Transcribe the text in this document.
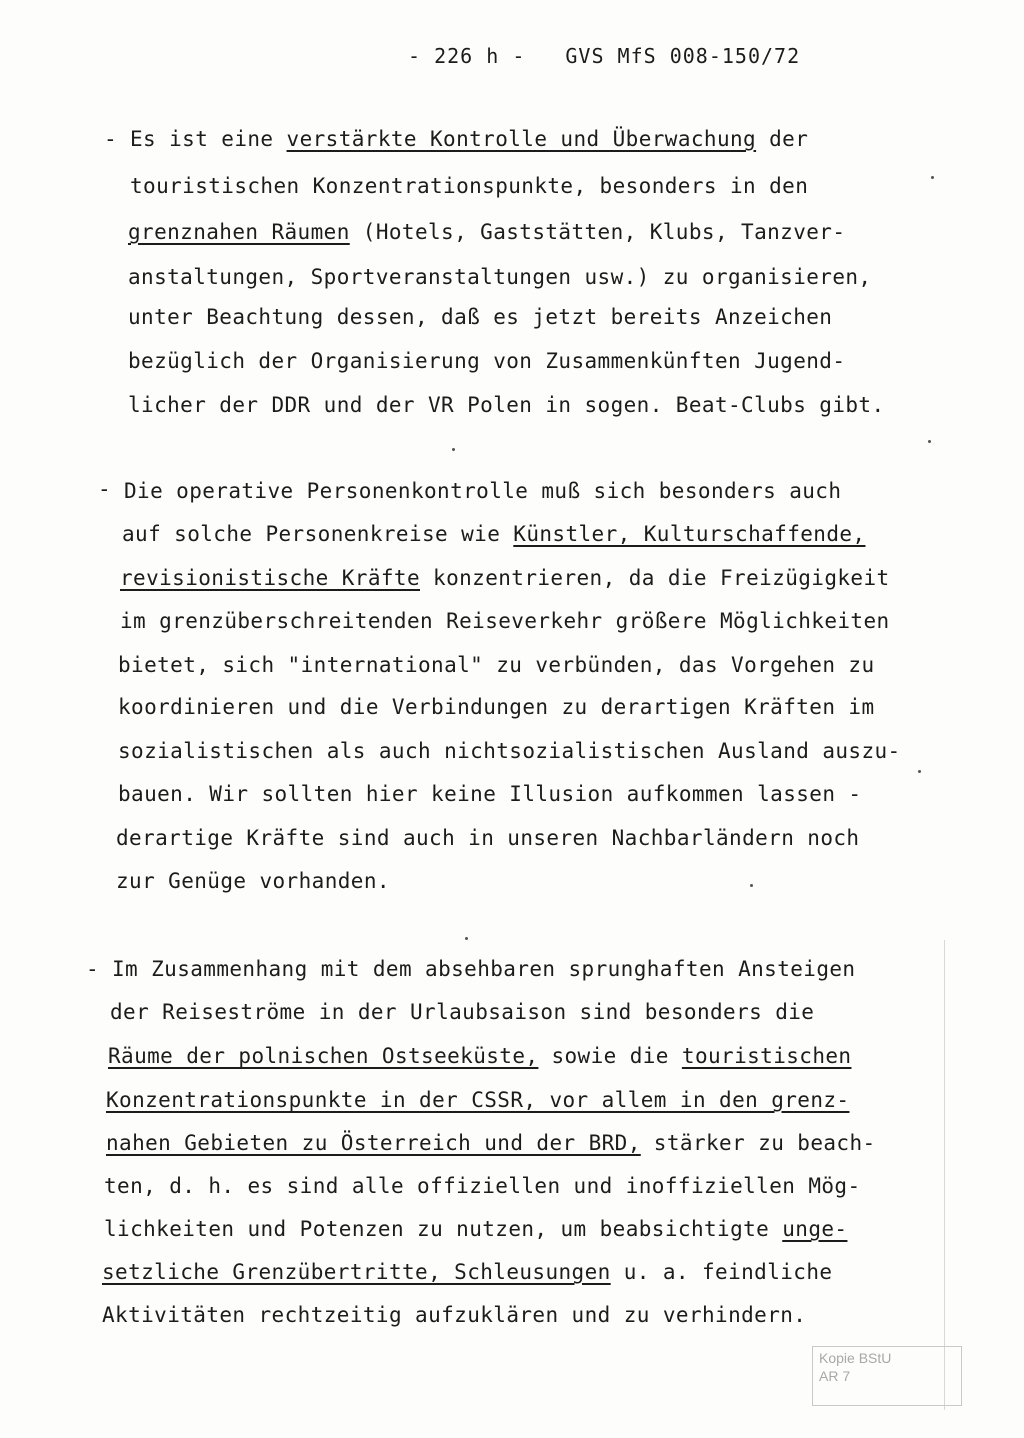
- 226 h - GVS MfS 008-150/72
- Es ist eine verstärkte Kontrolle und Überwachung der
touristischen Konzentrationspunkte, besonders in den
grenznahen Räumen (Hotels, Gaststätten, Klubs, Tanzver-
anstaltungen, Sportveranstaltungen usw.) zu organisieren,
unter Beachtung dessen, daß es jetzt bereits Anzeichen
bezüglich der Organisierung von Zusammenkünften Jugend-
licher der DDR und der VR Polen in sogen. Beat-Clubs gibt.
- Die operative Personenkontrolle muß sich besonders auch
auf solche Personenkreise wie Künstler, Kulturschaffende,
revisionistische Kräfte konzentrieren, da die Freizügigkeit
im grenzüberschreitenden Reiseverkehr größere Möglichkeiten
bietet, sich "international" zu verbünden, das Vorgehen zu
koordinieren und die Verbindungen zu derartigen Kräften im
sozialistischen als auch nichtsozialistischen Ausland auszu-
bauen. Wir sollten hier keine Illusion aufkommen lassen -
derartige Kräfte sind auch in unseren Nachbarländern noch
zur Genüge vorhanden.
- Im Zusammenhang mit dem absehbaren sprunghaften Ansteigen
der Reiseströme in der Urlaubsaison sind besonders die
Räume der polnischen Ostseeküste, sowie die touristischen
Konzentrationspunkte in der CSSR, vor allem in den grenz-
nahen Gebieten zu Österreich und der BRD, stärker zu beach-
ten, d. h. es sind alle offiziellen und inoffiziellen Mög-
lichkeiten und Potenzen zu nutzen, um beabsichtigte unge-
setzliche Grenzübertritte, Schleusungen u. a. feindliche
Aktivitäten rechtzeitig aufzuklären und zu verhindern.
Kopie BStU
AR 7
